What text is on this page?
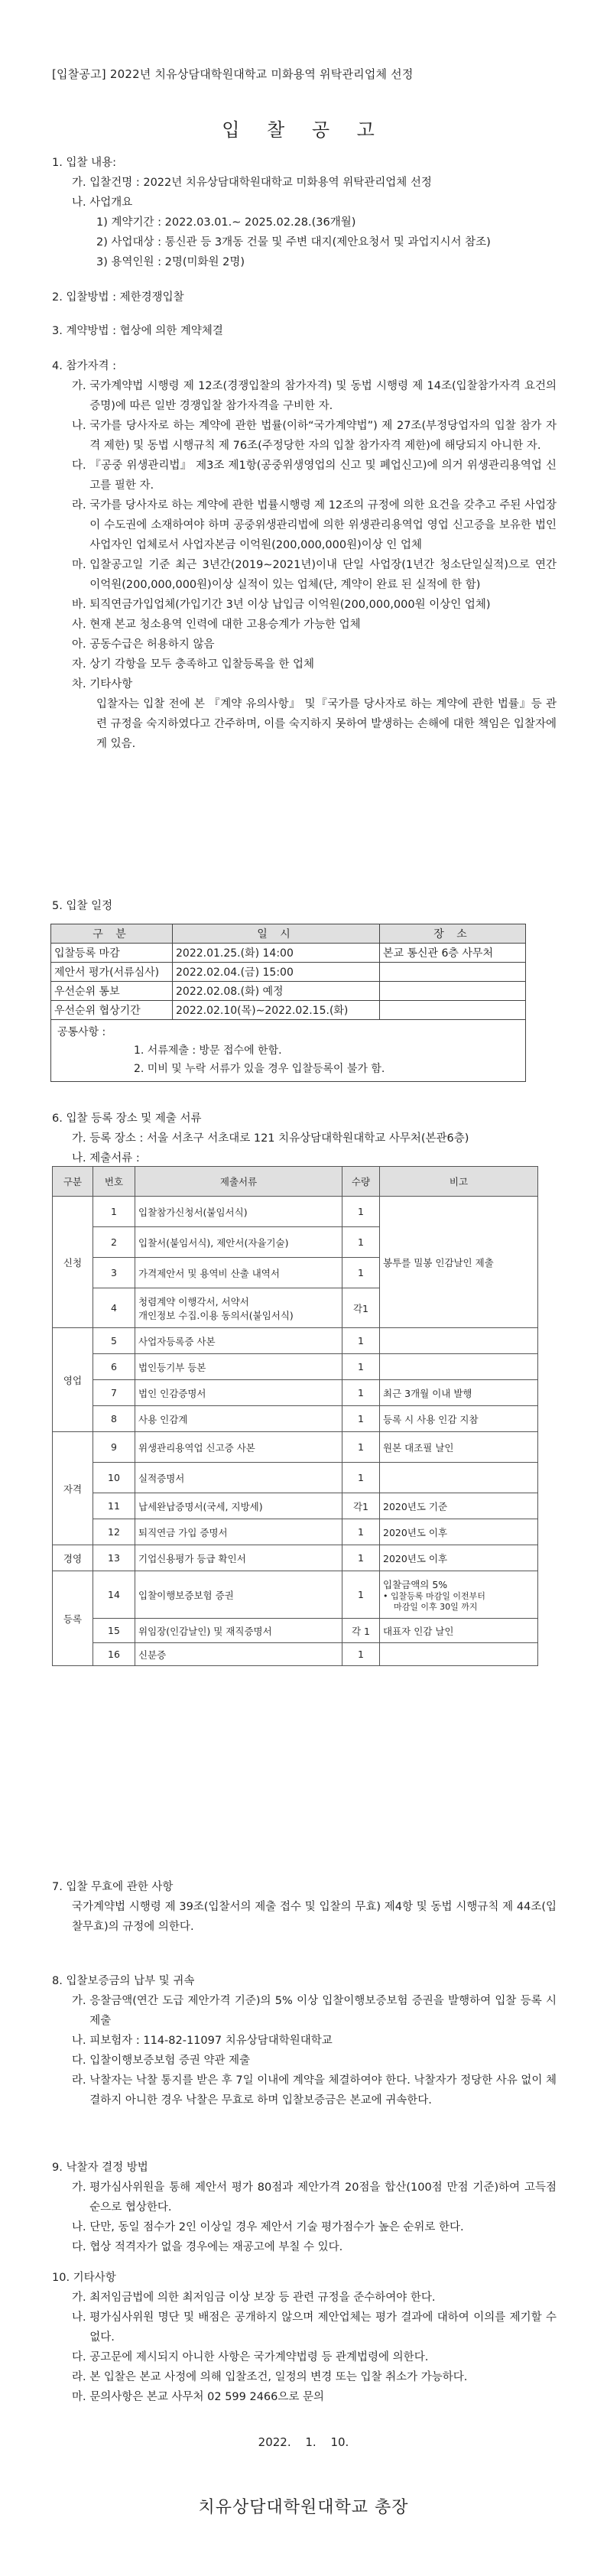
[입찰공고] 2022년 치유상담대학원대학교 미화용역 위탁관리업체 선정
입 찰 공 고
1. 입찰 내용:
가. 입찰건명 : 2022년 치유상담대학원대학교 미화용역 위탁관리업체 선정
나. 사업개요
1) 계약기간 : 2022.03.01.∼ 2025.02.28.(36개월)
2) 사업대상 : 통신관 등 3개동 건물 및 주변 대지(제안요청서 및 과업지시서 참조)
3) 용역인원 : 2명(미화원 2명)
2. 입찰방법 : 제한경쟁입찰
3. 계약방법 : 협상에 의한 계약체결
4. 참가자격 :
가.
국가계약법 시행령 제 12조(경쟁입찰의 참가자격) 및 동법 시행령 제 14조(입찰참가자격 요건의 증명)에 따른 일반 경쟁입찰 참가자격을 구비한 자.
나.
국가를 당사자로 하는 계약에 관한 법률(이하“국가계약법”) 제 27조(부정당업자의 입찰 참가 자격 제한) 및 동법 시행규칙 제 76조(주정당한 자의 입찰 참가자격 제한)에 해당되지 아니한 자.
다.
『공중 위생관리법』 제3조 제1항(공중위생영업의 신고 및 폐업신고)에 의거 위생관리용역업 신고를 필한 자.
라.
국가를 당사자로 하는 계약에 관한 법률시행령 제 12조의 규정에 의한 요건을 갖추고 주된 사업장이 수도권에 소재하여야 하며 공중위생관리법에 의한 위생관리용역업 영업 신고증을 보유한 법인사업자인 업체로서 사업자본금 이억원(200,000,000원)이상 인 업체
마.
입찰공고일 기준 최근 3년간(2019∼2021년)이내 단일 사업장(1년간 청소단일실적)으로 연간 이억원(200,000,000원)이상 실적이 있는 업체(단, 계약이 완료 된 실적에 한 함)
바.
퇴직연금가입업체(가입기간 3년 이상 납입금 이억원(200,000,000원 이상인 업체)
사.
현재 본교 청소용역 인력에 대한 고용승계가 가능한 업체
아.
공동수급은 허용하지 않음
자.
상기 각항을 모두 충족하고 입찰등록을 한 업체
차.
기타사항
입찰자는 입찰 전에 본 『계약 유의사항』 및『국가를 당사자로 하는 계약에 관한 법률』등 관련 규정을 숙지하였다고 간주하며, 이를 숙지하지 못하여 발생하는 손해에 대한 책임은 입찰자에게 있음.
5. 입찰 일정
구 분	일 시	장 소
입찰등록 마감	2022.01.25.(화) 14:00	본교 통신관 6층 사무처
제안서 평가(서류심사)	2022.02.04.(금) 15:00	
우선순위 통보	2022.02.08.(화) 예정	
우선순위 협상기간	2022.02.10(목)∼2022.02.15.(화)	

공통사항 :
1. 서류제출 : 방문 접수에 한함.
2. 미비 및 누락 서류가 있을 경우 입찰등록이 불가 함.		
6. 입찰 등록 장소 및 제출 서류
가. 등록 장소 : 서울 서초구 서초대로 121 치유상담대학원대학교 사무처(본관6층)
나. 제출서류 :
구분	번호	제출서류	수량	비고
신청	1	입찰참가신청서(붙임서식)	1	봉투를 밀봉 인감날인 제출
	2	입찰서(붙임서식), 제안서(자율기술)	1	
	3	가격제안서 및 용역비 산출 내역서	1	
	4	청렴계약 이행각서, 서약서
개인정보 수집.이용 동의서(붙임서식)	각1	
영업	5	사업자등록증 사본	1	
	6	법인등기부 등본	1	
	7	법인 인감증명서	1	최근 3개월 이내 발행
	8	사용 인감계	1	등록 시 사용 인감 지참
자격	9	위생관리용역업 신고증 사본	1	원본 대조필 날인
	10	실적증명서	1	
	11	납세완납증명서(국세, 지방세)	각1	2020년도 기준
	12	퇴직연금 가입 증명서	1	2020년도 이후
경영	13	기업신용평가 등급 확인서	1	2020년도 이후
등록	14	입찰이행보증보험 증권	1	입찰금액의 5%
• 입찰등록 마감일 이전부터
마감일 이후 30일 까지

	15	위임장(인감날인) 및 재직증명서	각 1	대표자 인감 날인
	16	신분증	1	
7. 입찰 무효에 관한 사항
국가계약법 시행령 제 39조(입찰서의 제출 접수 및 입찰의 무효) 제4항 및 동법 시행규칙 제 44조(입찰무효)의 규정에 의한다.
8. 입찰보증금의 납부 및 귀속
가.
응찰금액(연간 도급 제안가격 기준)의 5% 이상 입찰이행보증보험 증권을 발행하여 입찰 등록 시 제출
나.
피보험자 : 114-82-11097 치유상담대학원대학교
다.
입찰이행보증보험 증권 약관 제출
라.
낙찰자는 낙찰 통지를 받은 후 7일 이내에 계약을 체결하여야 한다. 낙찰자가 정당한 사유 없이 체결하지 아니한 경우 낙찰은 무효로 하며 입찰보증금은 본교에 귀속한다.
9. 낙찰자 결정 방법
가.
평가심사위원을 통해 제안서 평가 80점과 제안가격 20점을 합산(100점 만점 기준)하여 고득점 순으로 협상한다.
나.
단만, 동일 점수가 2인 이상일 경우 제안서 기술 평가점수가 높은 순위로 한다.
다.
협상 적격자가 없을 경우에는 재공고에 부칠 수 있다.
10. 기타사항
가.
최저임금법에 의한 최저임금 이상 보장 등 관련 규정을 준수하여야 한다.
나.
평가심사위원 명단 및 배점은 공개하지 않으며 제안업체는 평가 결과에 대하여 이의를 제기할 수 없다.
다.
공고문에 제시되지 아니한 사항은 국가계약법령 등 관계법령에 의한다.
라.
본 입찰은 본교 사정에 의해 입찰조건, 일정의 변경 또는 입찰 취소가 가능하다.
마.
문의사항은 본교 사무처 02 599 2466으로 문의
2022. 1. 10.
치유상담대학원대학교 총장
